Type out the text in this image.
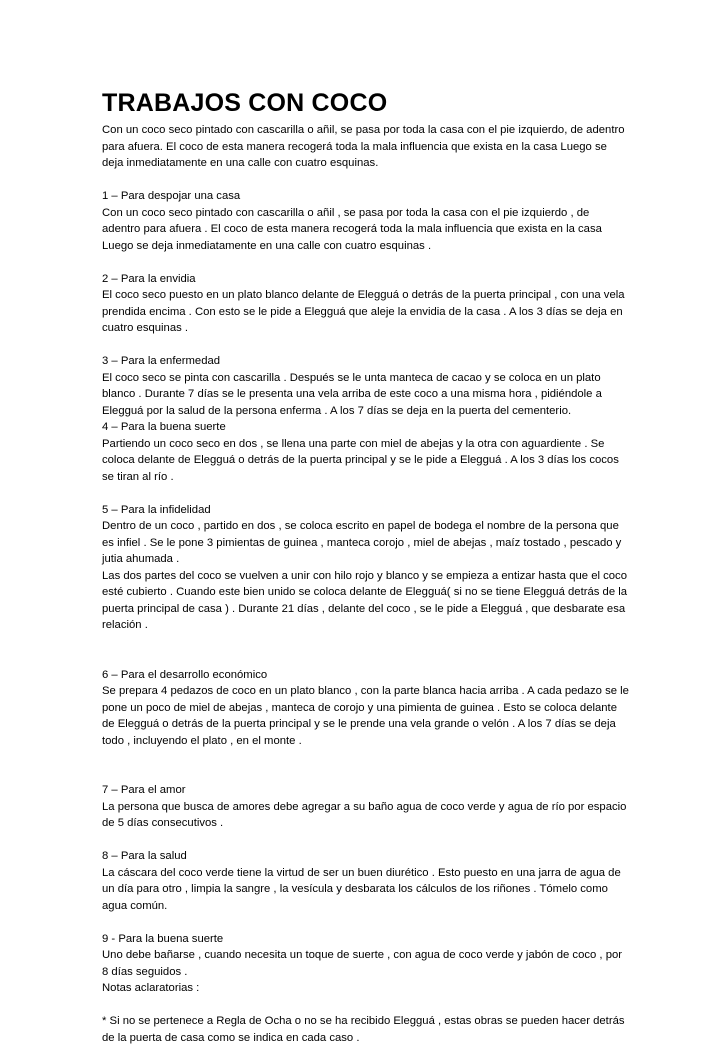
TRABAJOS CON COCO

Con un coco seco pintado con cascarilla o añil, se pasa por toda la casa con el pie izquierdo, de adentro para afuera. El coco de esta manera recogerá toda la mala influencia que exista en la casa Luego se deja inmediatamente en una calle con cuatro esquinas.

1 – Para despojar una casa

Con un coco seco pintado con cascarilla o añil , se pasa por toda la casa con el pie izquierdo , de adentro para afuera . El coco de esta manera recogerá toda la mala influencia que exista en la casa Luego se deja inmediatamente en una calle con cuatro esquinas .

2 – Para la envidia

El coco seco puesto en un plato blanco delante de Elegguá o detrás de la puerta principal , con una vela prendida encima . Con esto se le pide a Elegguá que aleje la envidia de la casa . A los 3 días se deja en cuatro esquinas .

3 – Para la enfermedad

El coco seco se pinta con cascarilla . Después se le unta manteca de cacao y se coloca en un plato blanco . Durante 7 días se le presenta una vela arriba de este coco a una misma hora , pidiéndole a Elegguá por la salud de la persona enferma . A los 7 días se deja en la puerta del cementerio.

4 – Para la buena suerte

Partiendo un coco seco en dos , se llena una parte con miel de abejas y la otra con aguardiente . Se coloca delante de Elegguá o detrás de la puerta principal y se le pide a Elegguá . A los 3 días los cocos se tiran al río .

5 – Para la infidelidad

Dentro de un coco , partido en dos , se coloca escrito en papel de bodega el nombre de la persona que es infiel . Se le pone 3 pimientas de guinea , manteca corojo , miel de abejas , maíz tostado , pescado y jutia ahumada .

Las dos partes del coco se vuelven a unir con hilo rojo y blanco y se empieza a entizar hasta que el coco esté cubierto . Cuando este bien unido se coloca delante de Elegguá( si no se tiene Elegguá detrás de la puerta principal de casa ) . Durante 21 días , delante del coco , se le pide a Elegguá , que desbarate esa relación .

6 – Para el desarrollo económico

Se prepara 4 pedazos de coco en un plato blanco , con la parte blanca hacia arriba . A cada pedazo se le pone un poco de miel de abejas , manteca de corojo y una pimienta de guinea . Esto se coloca delante de Elegguá o detrás de la puerta principal y se le prende una vela grande o velón . A los 7 días se deja todo , incluyendo el plato , en el monte .

7 – Para el amor

La persona que busca de amores debe agregar a su baño agua de coco verde y agua de río por espacio de 5 días consecutivos .

8 – Para la salud

La cáscara del coco verde tiene la virtud de ser un buen diurético . Esto puesto en una jarra de agua de un día para otro , limpia la sangre , la vesícula y desbarata los cálculos de los riñones . Tómelo como agua común.

9 - Para la buena suerte

Uno debe bañarse , cuando necesita un toque de suerte , con agua de coco verde y jabón de coco , por 8 días seguidos .

Notas aclaratorias :

* Si no se pertenece a Regla de Ocha o no se ha recibido Elegguá , estas obras se pueden hacer detrás de la puerta de casa como se indica en cada caso .
